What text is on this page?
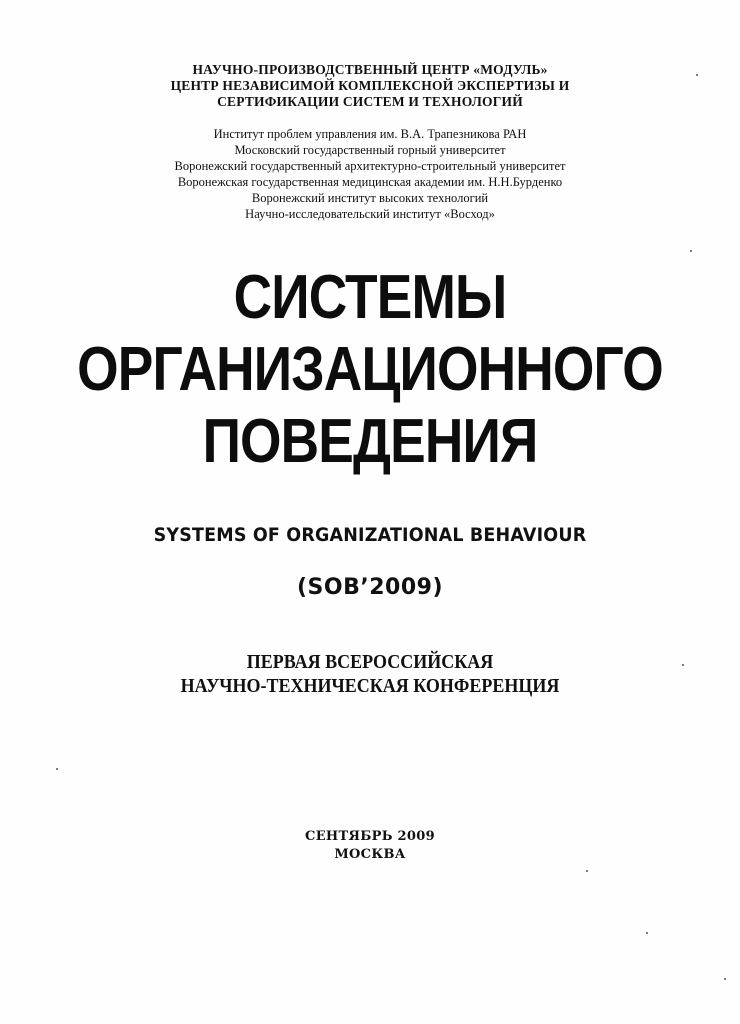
НАУЧНО-ПРОИЗВОДСТВЕННЫЙ ЦЕНТР «МОДУЛЬ»
ЦЕНТР НЕЗАВИСИМОЙ КОМПЛЕКСНОЙ ЭКСПЕРТИЗЫ И
СЕРТИФИКАЦИИ СИСТЕМ И ТЕХНОЛОГИЙ
Институт проблем управления им. В.А. Трапезникова РАН
Московский государственный горный университет
Воронежский государственный архитектурно-строительный университет
Воронежская государственная медицинская академии им. Н.Н.Бурденко
Воронежский институт высоких технологий
Научно-исследовательский институт «Восход»
СИСТЕМЫ
ОРГАНИЗАЦИОННОГО
ПОВЕДЕНИЯ
SYSTEMS OF ORGANIZATIONAL BEHAVIOUR
(SOB’2009)
ПЕРВАЯ ВСЕРОССИЙСКАЯ
НАУЧНО-ТЕХНИЧЕСКАЯ КОНФЕРЕНЦИЯ
СЕНТЯБРЬ 2009
МОСКВА
